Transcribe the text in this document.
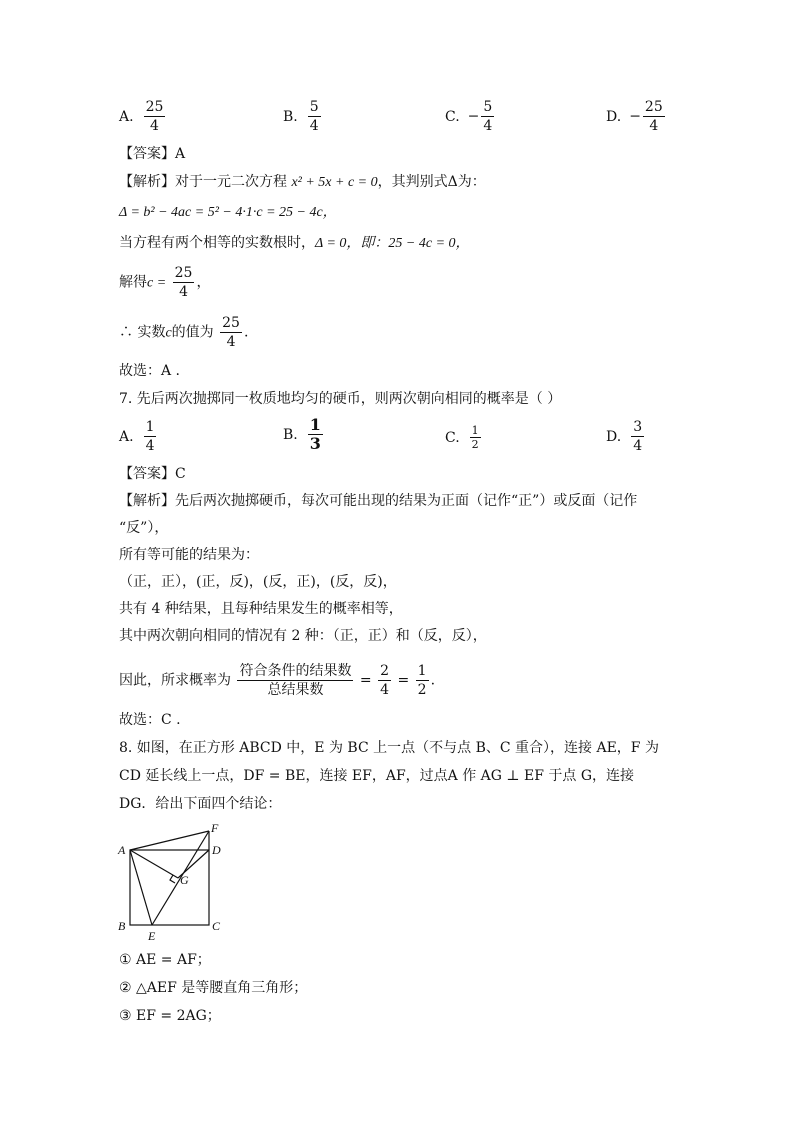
A. $\frac{25}{4}$	B. $\frac{5}{4}$	C. − $\frac{5}{4}$	D. − $\frac{25}{4}$
【答案】A
【解析】对于一元二次方程 x² + 5x + c = 0，其判别式Δ为：
Δ = b² − 4ac = 5² − 4·1·c = 25 − 4c，
当方程有两个相等的实数根时，Δ = 0，即：25 − 4c = 0，
解得$c = \frac{25}{4}$ ，
∴ 实数c的值为 $\frac{25}{4}$ .
故选：A .
7. 先后两次抛掷同一枚质地均匀的硬币，则两次朝向相同的概率是（ ）
A. $\frac{1}{4}$	B. $\frac{1}{3}$	C. $\frac{1}{2}$	D. $\frac{3}{4}$
【答案】C
【解析】先后两次抛掷硬币，每次可能出现的结果为正面（记作“正”）或反面（记作
“反”），
所有等可能的结果为：
（正，正），(正，反)，(反，正)，(反，反)，
共有 4 种结果，且每种结果发生的概率相等，
其中两次朝向相同的情况有 2 种：（正，正）和（反，反），
因此，所求概率为 $\frac{\text{符合条件的结果数}}{\text{总结果数}} = \frac{2}{4} = \frac{1}{2}$ .
故选：C .
8. 如图，在正方形 ABCD 中，E 为 BC 上一点（不与点 B、C 重合），连接 AE，F 为
CD 延长线上一点，DF = BE，连接 EF，AF，过点A 作 AG ⊥ EF 于点 G，连接
DG．给出下面四个结论：
A
B	C
D
E
F
G
① AE = AF；
② △AEF 是等腰直角三角形；
③ EF = 2AG；
